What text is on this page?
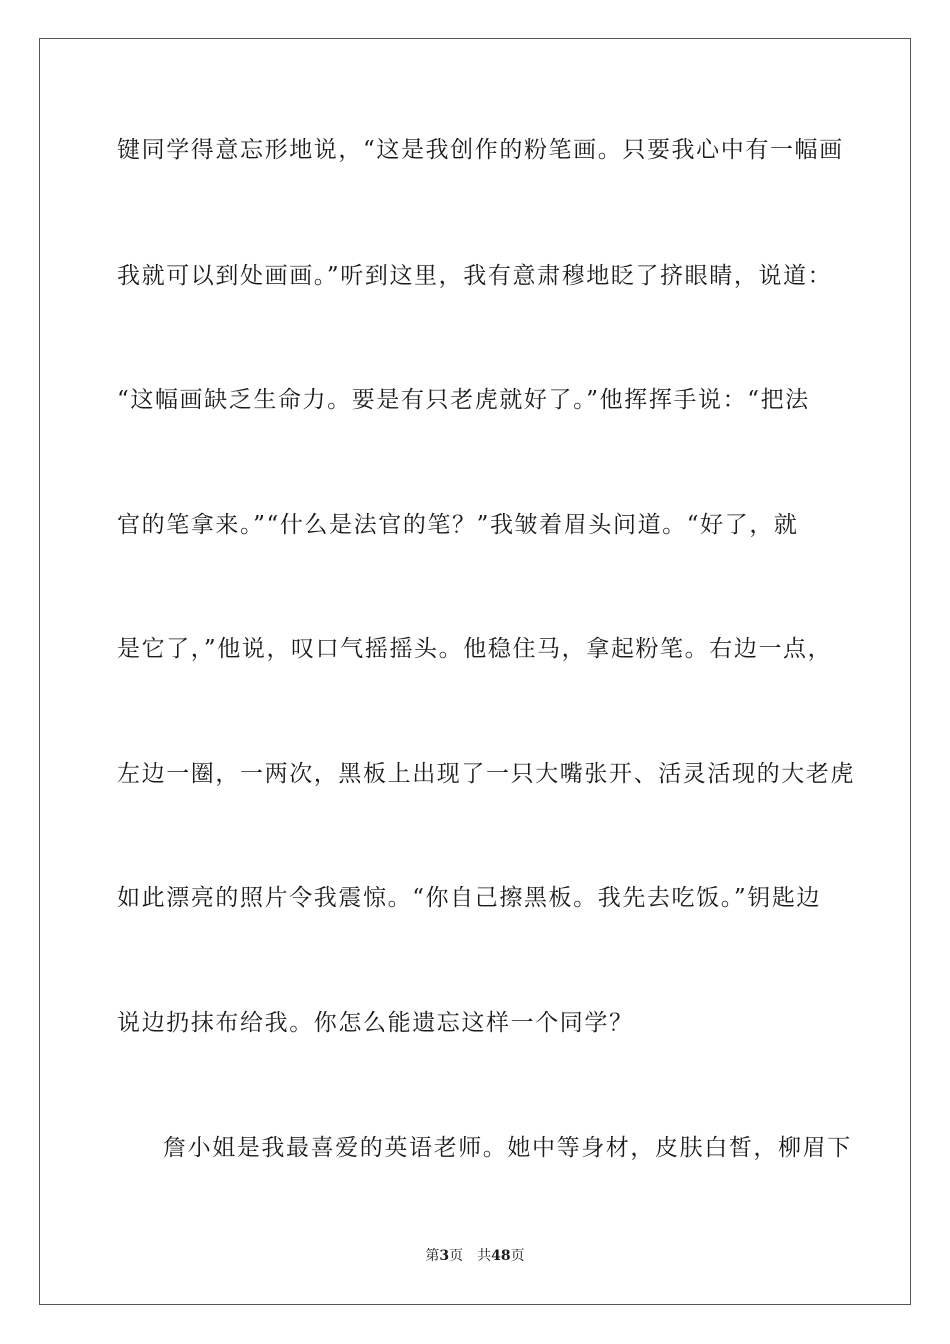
键同学得意忘形地说，“这是我创作的粉笔画。只要我心中有一幅画
我就可以到处画画。”听到这里，我有意肃穆地眨了挤眼睛，说道：
“这幅画缺乏生命力。要是有只老虎就好了。”他挥挥手说：“把法
官的笔拿来。”“什么是法官的笔？”我皱着眉头问道。“好了，就
是它了，”他说，叹口气摇摇头。他稳住马，拿起粉笔。右边一点，
左边一圈，一两次，黑板上出现了一只大嘴张开、活灵活现的大老虎
如此漂亮的照片令我震惊。“你自己擦黑板。我先去吃饭。”钥匙边
说边扔抹布给我。你怎么能遗忘这样一个同学？
詹小姐是我最喜爱的英语老师。她中等身材，皮肤白皙，柳眉下
第3页 共48页
